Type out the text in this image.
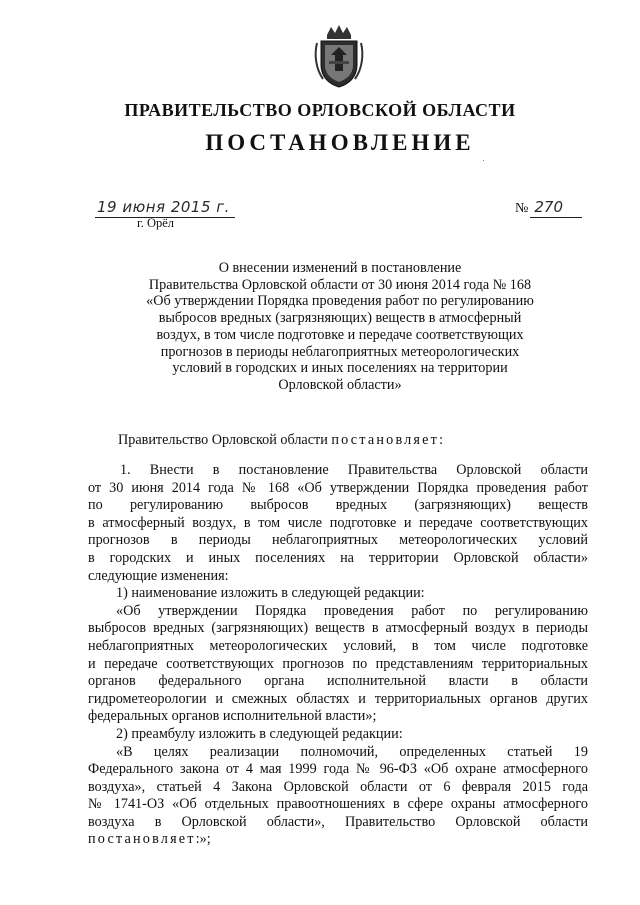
ПРАВИТЕЛЬСТВО ОРЛОВСКОЙ ОБЛАСТИ
ПОСТАНОВЛЕНИЕ
19 июня 2015 г.
г. Орёл
№ 270
О внесении изменений в постановление
Правительства Орловской области от 30 июня 2014 года № 168
«Об утверждении Порядка проведения работ по регулированию
выбросов вредных (загрязняющих) веществ в атмосферный
воздух, в том числе подготовке и передаче соответствующих
прогнозов в периоды неблагоприятных метеорологических
условий в городских и иных поселениях на территории
Орловской области»
Правительство Орловской области постановляет:
1. Внести в постановление Правительства Орловской области
от 30 июня 2014 года № 168 «Об утверждении Порядка проведения работ
по регулированию выбросов вредных (загрязняющих) веществ
в атмосферный воздух, в том числе подготовке и передаче соответствующих
прогнозов в периоды неблагоприятных метеорологических условий
в городских и иных поселениях на территории Орловской области»
следующие изменения:
1) наименование изложить в следующей редакции:
«Об утверждении Порядка проведения работ по регулированию
выбросов вредных (загрязняющих) веществ в атмосферный воздух в периоды
неблагоприятных метеорологических условий, в том числе подготовке
и передаче соответствующих прогнозов по представлениям территориальных
органов федерального органа исполнительной власти в области
гидрометеорологии и смежных областях и территориальных органов других
федеральных органов исполнительной власти»;
2) преамбулу изложить в следующей редакции:
«В целях реализации полномочий, определенных статьей 19
Федерального закона от 4 мая 1999 года № 96-ФЗ «Об охране атмосферного
воздуха», статьей 4 Закона Орловской области от 6 февраля 2015 года
№ 1741-ОЗ «Об отдельных правоотношениях в сфере охраны атмосферного
воздуха в Орловской области», Правительство Орловской области
постановляет:»;
